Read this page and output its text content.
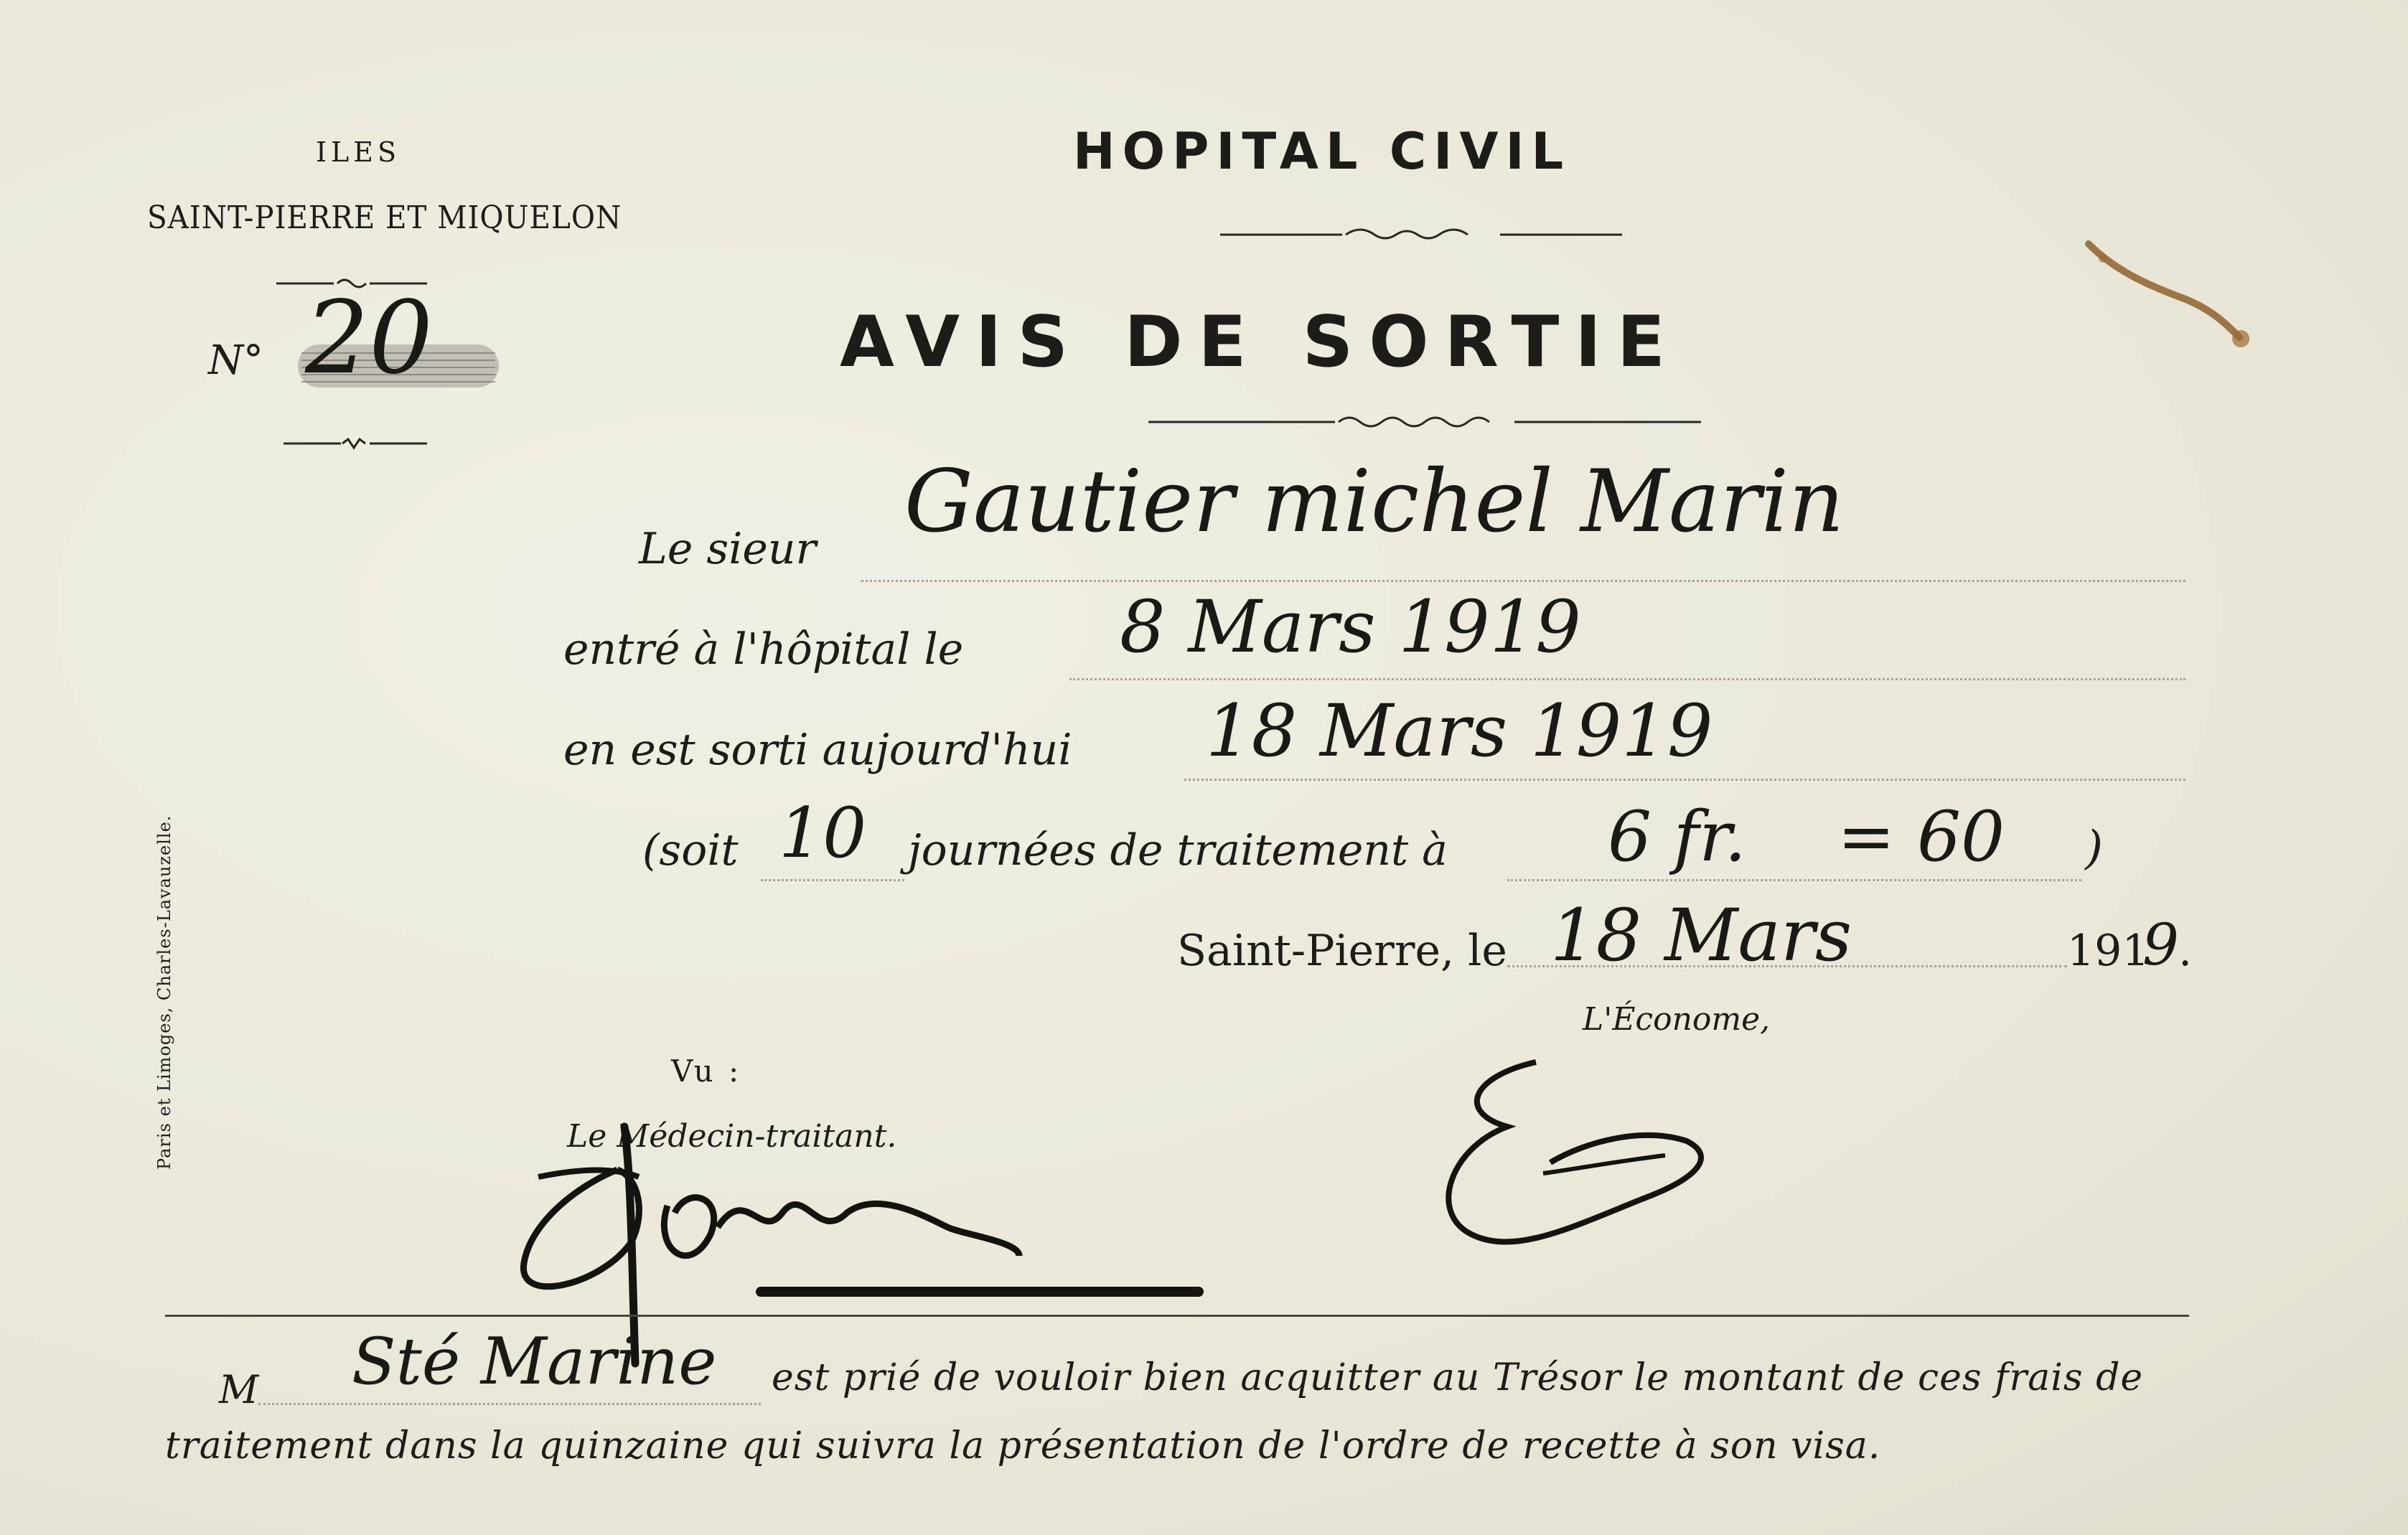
ILES
SAINT-PIERRE ET MIQUELON
N° 20
Paris et Limoges, Charles-Lavauzelle.
HOPITAL CIVIL
AVIS DE SORTIE
Le sieur Gautier michel Marin
entré à l'hôpital le 8 Mars 1919
en est sorti aujourd'hui 18 Mars 1919
(soit 10 journées de traitement à 6 fr. = 60 )
Saint-Pierre, le 18 Mars	191
9 .
L'Économe,
Vu :
Le Médecin-traitant.
M Sté Marine est prié de vouloir bien acquitter au Trésor le montant de ces frais de
traitement dans la quinzaine qui suivra la présentation de l'ordre de recette à son visa.
